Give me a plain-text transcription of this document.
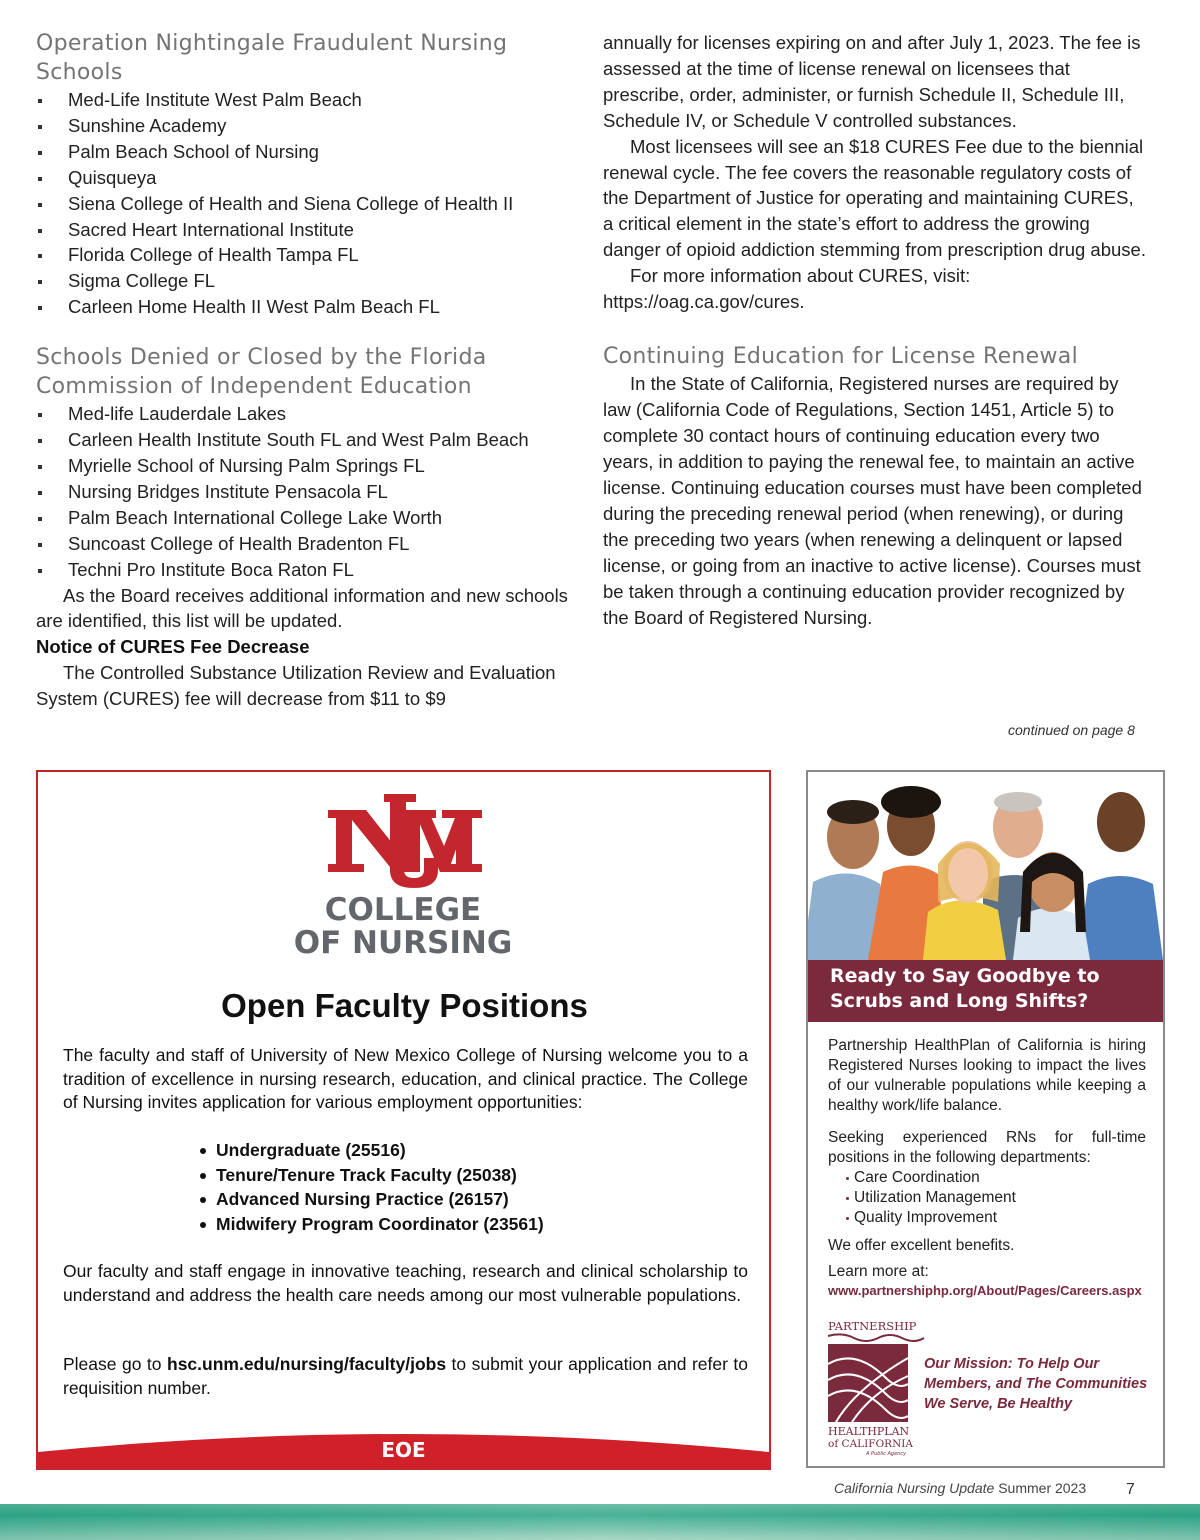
Operation Nightingale Fraudulent Nursing Schools
Med-Life Institute West Palm Beach
Sunshine Academy
Palm Beach School of Nursing
Quisqueya
Siena College of Health and Siena College of Health II
Sacred Heart International Institute
Florida College of Health Tampa FL
Sigma College FL
Carleen Home Health II West Palm Beach FL
Schools Denied or Closed by the Florida Commission of Independent Education
Med-life Lauderdale Lakes
Carleen Health Institute South FL and West Palm Beach
Myrielle School of Nursing Palm Springs FL
Nursing Bridges Institute Pensacola FL
Palm Beach International College Lake Worth
Suncoast College of Health Bradenton FL
Techni Pro Institute Boca Raton FL

As the Board receives additional information and new schools are identified, this list will be updated.

Notice of CURES Fee Decrease

The Controlled Substance Utilization Review and Evaluation System (CURES) fee will decrease from $11 to $9

annually for licenses expiring on and after July 1, 2023. The fee is assessed at the time of license renewal on licensees that prescribe, order, administer, or furnish Schedule II, Schedule III, Schedule IV, or Schedule V controlled substances.

Most licensees will see an $18 CURES Fee due to the biennial renewal cycle. The fee covers the reasonable regulatory costs of the Department of Justice for operating and maintaining CURES, a critical element in the state’s effort to address the growing danger of opioid addiction stemming from prescription drug abuse.

For more information about CURES, visit: https://oag.ca.gov/cures.

Continuing Education for License Renewal

In the State of California, Registered nurses are required by law (California Code of Regulations, Section 1451, Article 5) to complete 30 contact hours of continuing education every two years, in addition to paying the renewal fee, to maintain an active license. Continuing education courses must have been completed during the preceding renewal period (when renewing), or during the preceding two years (when renewing a delinquent or lapsed license, or going from an inactive to active license). Courses must be taken through a continuing education provider recognized by the Board of Registered Nursing.

continued on page 8
COLLEGE
OF NURSING
Open Faculty Positions

The faculty and staff of University of New Mexico College of Nursing welcome you to a tradition of excellence in nursing research, education, and clinical practice. The College of Nursing invites application for various employment opportunities:

Undergraduate (25516)
Tenure/Tenure Track Faculty (25038)
Advanced Nursing Practice (26157)
Midwifery Program Coordinator (23561)

Our faculty and staff engage in innovative teaching, research and clinical scholarship to understand and address the health care needs among our most vulnerable populations.

Please go to hsc.unm.edu/nursing/faculty/jobs to submit your application and refer to requisition number.

EOE
Ready to Say Goodbye to
Scrubs and Long Shifts?

Partnership HealthPlan of California is hiring Registered Nurses looking to impact the lives of our vulnerable populations while keeping a healthy work/life balance.

Seeking experienced RNs for full-time positions in the following departments:

Care Coordination
Utilization Management
Quality Improvement

We offer excellent benefits.

Learn more at:

www.partnershiphp.org/About/Pages/Careers.aspx
PARTNERSHIP
HEALTHPLAN
of CALIFORNIA
A Public Agency

Our Mission: To Help Our Members, and The Communities We Serve, Be Healthy

California Nursing Update Summer 2023 7
